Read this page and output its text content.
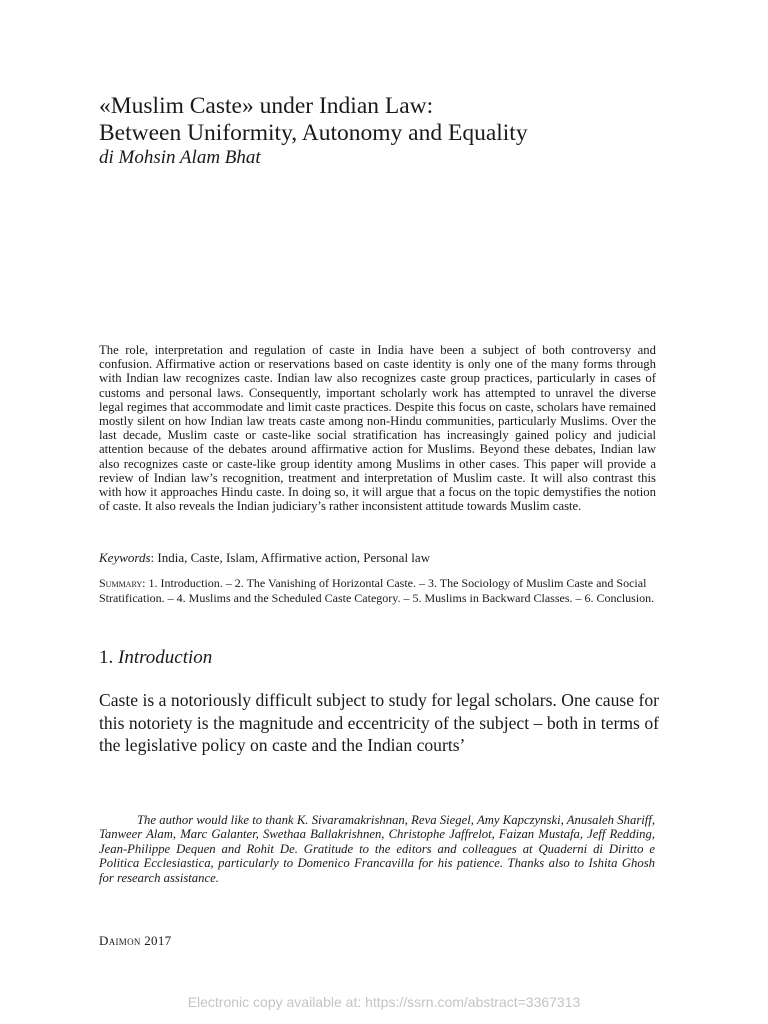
«Muslim Caste» under Indian Law:
Between Uniformity, Autonomy and Equality

di Mohsin Alam Bhat

The role, interpretation and regulation of caste in India have been a subject of both controversy and confusion. Affirmative action or reservations based on caste identity is only one of the many forms through with Indian law recognizes caste. Indian law also recognizes caste group practices, particularly in cases of customs and personal laws. Consequently, important scholarly work has attempted to unravel the diverse legal regimes that accommodate and limit caste practices. Despite this focus on caste, scholars have remained mostly silent on how Indian law treats caste among non-Hindu communities, particularly Muslims. Over the last decade, Muslim caste or caste-like social stratification has increasingly gained policy and judicial attention because of the debates around affirmative action for Muslims. Beyond these debates, Indian law also recognizes caste or caste-like group identity among Muslims in other cases. This paper will provide a review of Indian law’s recognition, treatment and interpretation of Muslim caste. It will also contrast this with how it approaches Hindu caste. In doing so, it will argue that a focus on the topic demystifies the notion of caste. It also reveals the Indian judiciary’s rather inconsistent attitude towards Muslim caste.

Keywords: India, Caste, Islam, Affirmative action, Personal law

Summary: 1. Introduction. – 2. The Vanishing of Horizontal Caste. – 3. The Sociology of Muslim Caste and Social Stratification. – 4. Muslims and the Scheduled Caste Category. – 5. Muslims in Backward Classes. – 6. Conclusion.

1. Introduction

Caste is a notoriously difficult subject to study for legal scholars. One cause for this notoriety is the magnitude and eccentricity of the subject – both in terms of the legislative policy on caste and the Indian courts’

The author would like to thank K. Sivaramakrishnan, Reva Siegel, Amy Kapczynski, Anusaleh Shariff, Tanweer Alam, Marc Galanter, Swethaa Ballakrishnen, Christophe Jaffrelot, Faizan Mustafa, Jeff Redding, Jean-Philippe Dequen and Rohit De. Gratitude to the editors and colleagues at Quaderni di Diritto e Politica Ecclesiastica, particularly to Domenico Francavilla for his patience. Thanks also to Ishita Ghosh for research assistance.

Daimon 2017

Electronic copy available at: https://ssrn.com/abstract=3367313
